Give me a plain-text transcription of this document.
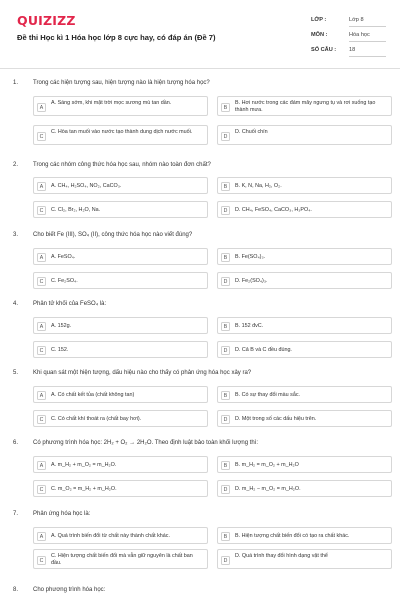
QUIZIZZ
Đề thi Học kì 1 Hóa học lớp 8 cực hay, có đáp án (Đề 7)
LỚP :	Lớp 8
MÔN :	Hóa học
SỐ CÂU : 18
1. Trong các hiện tượng sau, hiện tượng nào là hiện tượng hóa học?
A
A. Sáng sớm, khi mặt trời mọc sương mù tan dần.
B
B. Hơi nước trong các đám mây ngưng tụ và rơi xuống tạo thành mưa.
C
C. Hòa tan muối vào nước tạo thành dung dịch nước muối.
D
D. Chuối chín
2. Trong các nhóm công thức hóa học sau, nhóm nào toàn đơn chất?
A	A. CH₄, H₂SO₄, NO₂, CaCO₃.	B	B. K, N, Na, H₂, O₂.
C	C. Cl₂, Br₂, H₂O, Na.	D	D. CH₄, FeSO₄, CaCO₃, H₃PO₄.
3. Cho biết Fe (III), SO₄ (II), công thức hóa học nào viết đúng?
A	A. FeSO₄.	B	B. Fe(SO₄)₃.
C	C. Fe₂SO₄.	D	D. Fe₂(SO₄)₃.
4. Phân tử khối của FeSO₄ là:
A	A. 152g.	B	B. 152 đvC.
C	C. 152.	D	D. Cả B và C đều đúng.
5. Khi quan sát một hiện tượng, dấu hiệu nào cho thấy có phản ứng hóa học xảy ra?
A	A. Có chất kết tủa (chất không tan)	B	B. Có sự thay đổi màu sắc.
C	C. Có chất khí thoát ra (chất bay hơi).	D	D. Một trong số các dấu hiệu trên.
6. Có phương trình hóa học: 2H₂ + O₂ → 2H₂O. Theo định luật bảo toàn khối lượng thì:
A	A. m_H₂ + m_O₂ = m_H₂O.	B	B. m_H₂ = m_O₂ + m_H₂O
C	C. m_O₂ = m_H₂ + m_H₂O.	D	D. m_H₂ − m_O₂ = m_H₂O.
7. Phản ứng hóa học là:
A	A. Quá trình biến đổi từ chất này thành chất khác.	B	B. Hiện tượng chất biến đổi có tạo ra chất khác.
C
C. Hiện tượng chất biến đổi mà vẫn giữ nguyên là chất ban đầu.	D
D. Quá trình thay đổi hình dạng vật thể
8. Cho phương trình hóa học:
